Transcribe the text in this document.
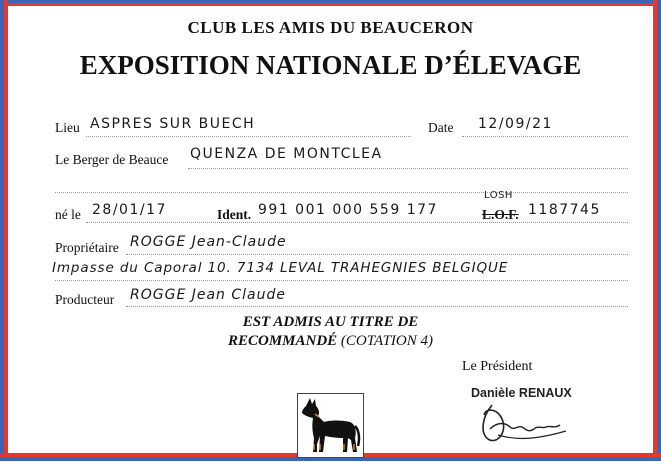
CLUB LES AMIS DU BEAUCERON
EXPOSITION NATIONALE D’ÉLEVAGE
Lieu ASPRES SUR BUECH	Date 12/09/21
Le Berger de Beauce QUENZA DE MONTCLEA
né le 28/01/17	Ident. 991 001 000 559 177
LOSH
L.O.F. 1187745
Propriétaire ROGGE Jean-Claude
Impasse du Caporal 10. 7134 LEVAL TRAHEGNIES BELGIQUE
Producteur ROGGE Jean Claude
EST ADMIS AU TITRE DE
RECOMMANDÉ (COTATION 4)
Le Président
Danièle RENAUX
